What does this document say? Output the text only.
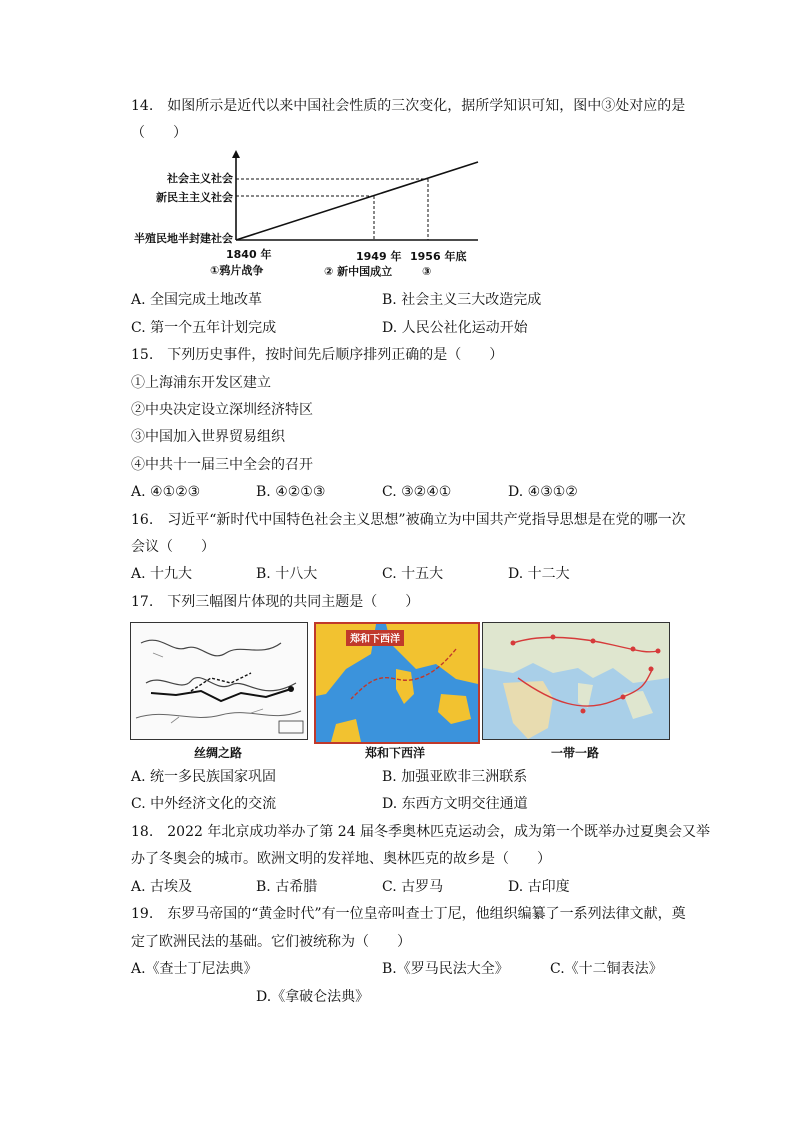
14.　如图所示是近代以来中国社会性质的三次变化，据所学知识可知，图中③处对应的是
（　　）
社会主义社会
新民主主义社会
半殖民地半封建社会
1840 年	1949 年 1956 年底
①鸦片战争	② 新中国成立	③
A. 全国完成土地改革	B. 社会主义三大改造完成
C. 第一个五年计划完成	D. 人民公社化运动开始
15.　下列历史事件，按时间先后顺序排列正确的是（　　）
①上海浦东开发区建立
②中央决定设立深圳经济特区
③中国加入世界贸易组织
④中共十一届三中全会的召开
A. ④①②③	B. ④②①③	C. ③②④①	D. ④③①②
16.　习近平“新时代中国特色社会主义思想”被确立为中国共产党指导思想是在党的哪一次
会议（　　）
A. 十九大	B. 十八大	C. 十五大	D. 十二大
17.　下列三幅图片体现的共同主题是（　　）
郑和下西洋
丝绸之路	郑和下西洋	一带一路
A. 统一多民族国家巩固	B. 加强亚欧非三洲联系
C. 中外经济文化的交流	D. 东西方文明交往通道
18.　2022 年北京成功举办了第 24 届冬季奥林匹克运动会，成为第一个既举办过夏奥会又举
办了冬奥会的城市。欧洲文明的发祥地、奥林匹克的故乡是（　　）
A. 古埃及	B. 古希腊	C. 古罗马	D. 古印度
19.　东罗马帝国的“黄金时代”有一位皇帝叫查士丁尼，他组织编纂了一系列法律文献，奠
定了欧洲民法的基础。它们被统称为（　　）
A.《查士丁尼法典》	B.《罗马民法大全》	C.《十二铜表法》
D.《拿破仑法典》
